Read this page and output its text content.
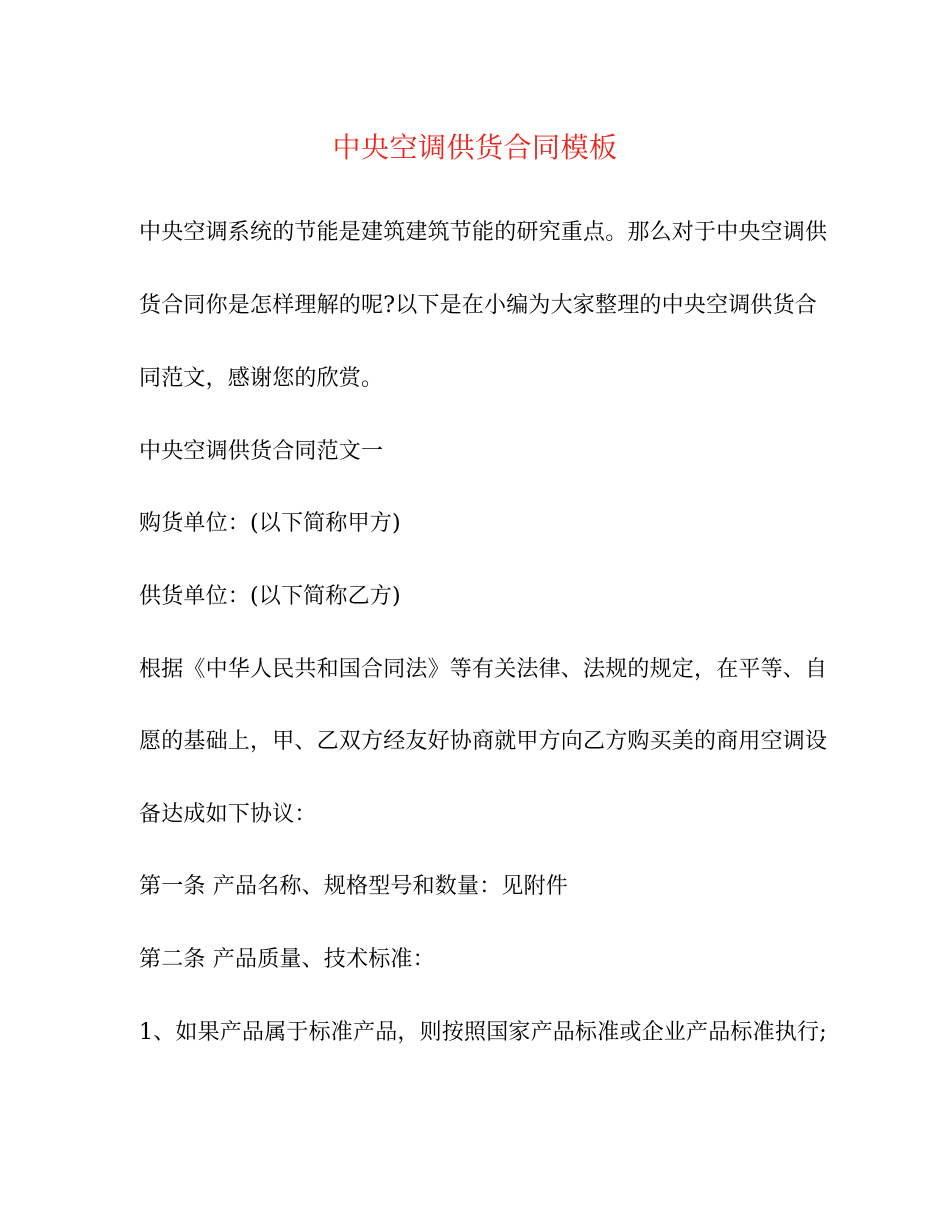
中央空调供货合同模板
中央空调系统的节能是建筑建筑节能的研究重点。那么对于中央空调供
货合同你是怎样理解的呢?以下是在小编为大家整理的中央空调供货合
同范文，感谢您的欣赏。
中央空调供货合同范文一
购货单位：(以下简称甲方)
供货单位：(以下简称乙方)
根据《中华人民共和国合同法》等有关法律、法规的规定，在平等、自
愿的基础上，甲、乙双方经友好协商就甲方向乙方购买美的商用空调设
备达成如下协议：
第一条 产品名称、规格型号和数量：见附件
第二条 产品质量、技术标准：
1、如果产品属于标准产品，则按照国家产品标准或企业产品标准执行;
